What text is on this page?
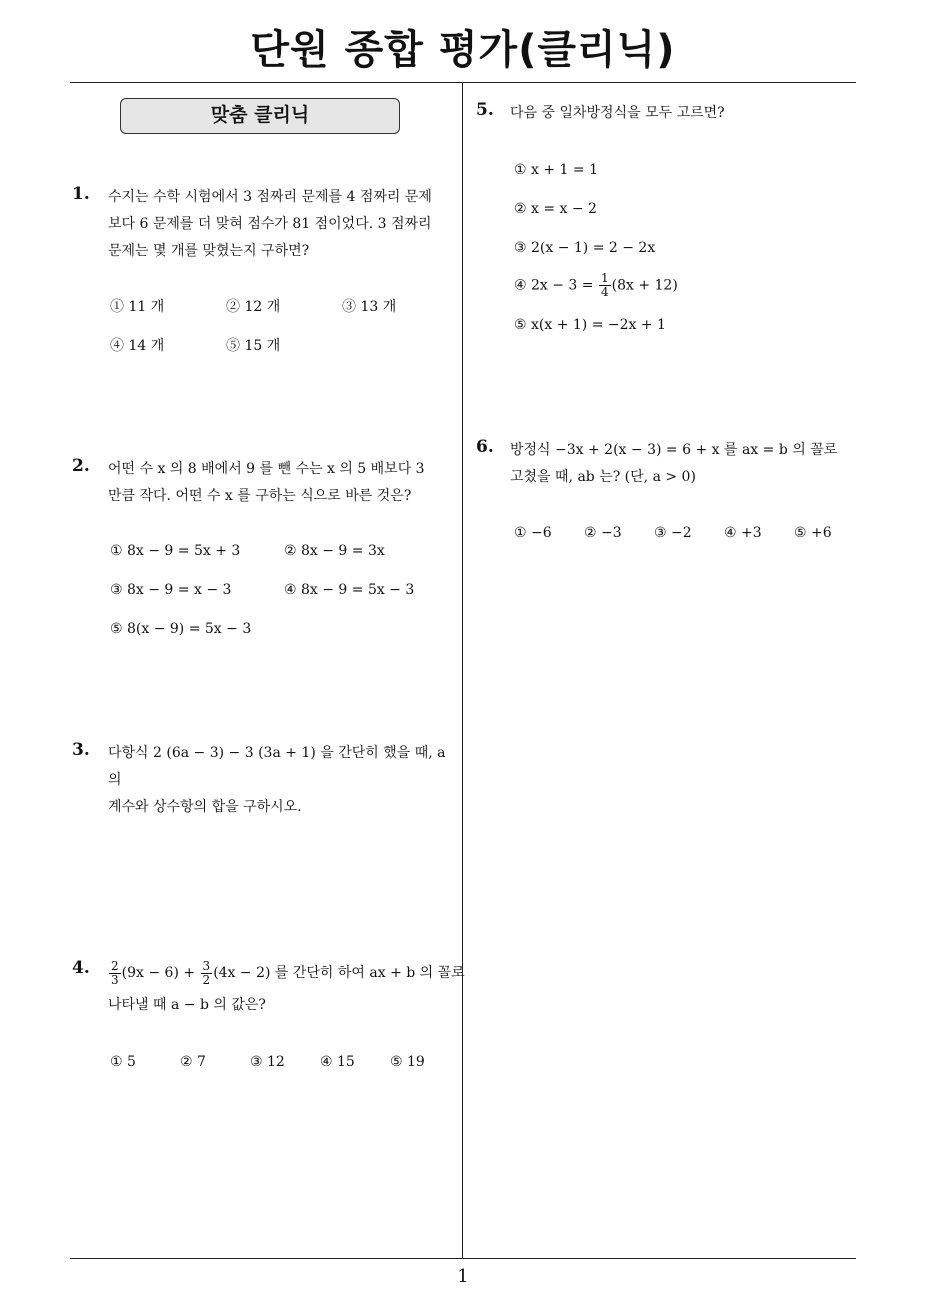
단원 종합 평가(클리닉)
맞춤 클리닉
1. 수지는 수학 시험에서 3 점짜리 문제를 4 점짜리 문제
보다 6 문제를 더 맞혀 점수가 81 점이었다. 3 점짜리
문제는 몇 개를 맞혔는지 구하면?
① 11 개	② 12 개	③ 13 개
④ 14 개	⑤ 15 개
2. 어떤 수 x 의 8 배에서 9 를 뺀 수는 x 의 5 배보다 3
만큼 작다. 어떤 수 x 를 구하는 식으로 바른 것은?
① 8x − 9 = 5x + 3	② 8x − 9 = 3x
③ 8x − 9 = x − 3	④ 8x − 9 = 5x − 3
⑤ 8(x − 9) = 5x − 3
3. 다항식 2 (6a − 3) − 3 (3a + 1) 을 간단히 했을 때, a 의
계수와 상수항의 합을 구하시오.
4. $\frac{2}{3} (9x - 6) + \frac{3}{2} (4x - 2)$ 를 간단히 하여 ax + b 의 꼴로
나타낼 때 a − b 의 값은?
① 5	② 7	③ 12	④ 15	⑤ 19
5. 다음 중 일차방정식을 모두 고르면?
① x + 1 = 1
② x = x − 2
③ 2(x − 1) = 2 − 2x
④ $2x - 3 = \frac{1}{4} (8x + 12)$
⑤ x(x + 1) = −2x + 1
6. 방정식 −3x + 2(x − 3) = 6 + x 를 ax = b 의 꼴로
고쳤을 때, ab 는? (단, a > 0)
① −6 ② −3 ③ −2 ④ +3 ⑤ +6
1
